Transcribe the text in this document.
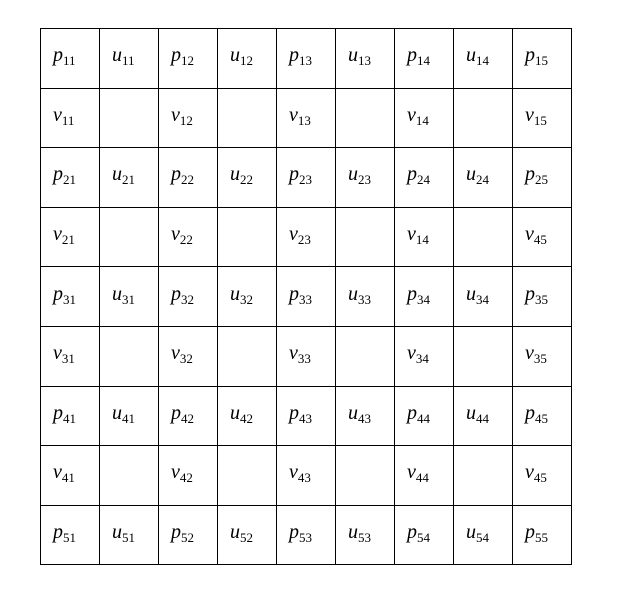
$p_{11}$	$u_{11}$	$p_{12}$	$u_{12}$	$p_{13}$	$u_{13}$	$p_{14}$	$u_{14}$	$p_{15}$

$v_{11}$		$v_{12}$		$v_{13}$		$v_{14}$		$v_{15}$

$p_{21}$	$u_{21}$	$p_{22}$	$u_{22}$	$p_{23}$	$u_{23}$	$p_{24}$	$u_{24}$	$p_{25}$

$v_{21}$		$v_{22}$		$v_{23}$		$v_{14}$		$v_{45}$

$p_{31}$	$u_{31}$	$p_{32}$	$u_{32}$	$p_{33}$	$u_{33}$	$p_{34}$	$u_{34}$	$p_{35}$

$v_{31}$		$v_{32}$		$v_{33}$		$v_{34}$		$v_{35}$

$p_{41}$	$u_{41}$	$p_{42}$	$u_{42}$	$p_{43}$	$u_{43}$	$p_{44}$	$u_{44}$	$p_{45}$

$v_{41}$		$v_{42}$		$v_{43}$		$v_{44}$		$v_{45}$

$p_{51}$	$u_{51}$	$p_{52}$	$u_{52}$	$p_{53}$	$u_{53}$	$p_{54}$	$u_{54}$	$p_{55}$
